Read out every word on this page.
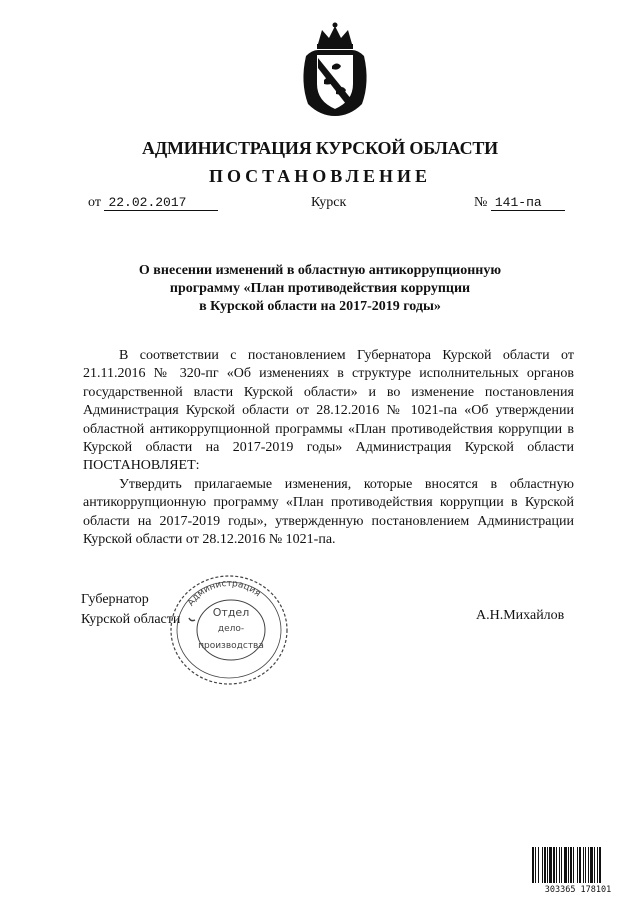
АДМИНИСТРАЦИЯ КУРСКОЙ ОБЛАСТИ
ПОСТАНОВЛЕНИЕ
от 22.02.2017	Курск	№ 141-па
О внесении изменений в областную антикоррупционную
программу «План противодействия коррупции
в Курской области на 2017-2019 годы»

В соответствии с постановлением Губернатора Курской области от 21.11.2016 № 320-пг «Об изменениях в структуре исполнительных органов государственной власти Курской области» и во изменение постановления Администрация Курской области от 28.12.2016 № 1021-па «Об утверждении областной антикоррупционной программы «План противодействия коррупции в Курской области на 2017-2019 годы» Администрация Курской области ПОСТАНОВЛЯЕТ:

Утвердить прилагаемые изменения, которые вносятся в областную антикоррупционную программу «План противодействия коррупции в Курской области на 2017-2019 годы», утвержденную постановлением Администрации Курской области от 28.12.2016 № 1021-па.

Губернатор
Курской области	А.Н.Михайлов
Администрация
Отдел
дело-
производства
303365 178101
